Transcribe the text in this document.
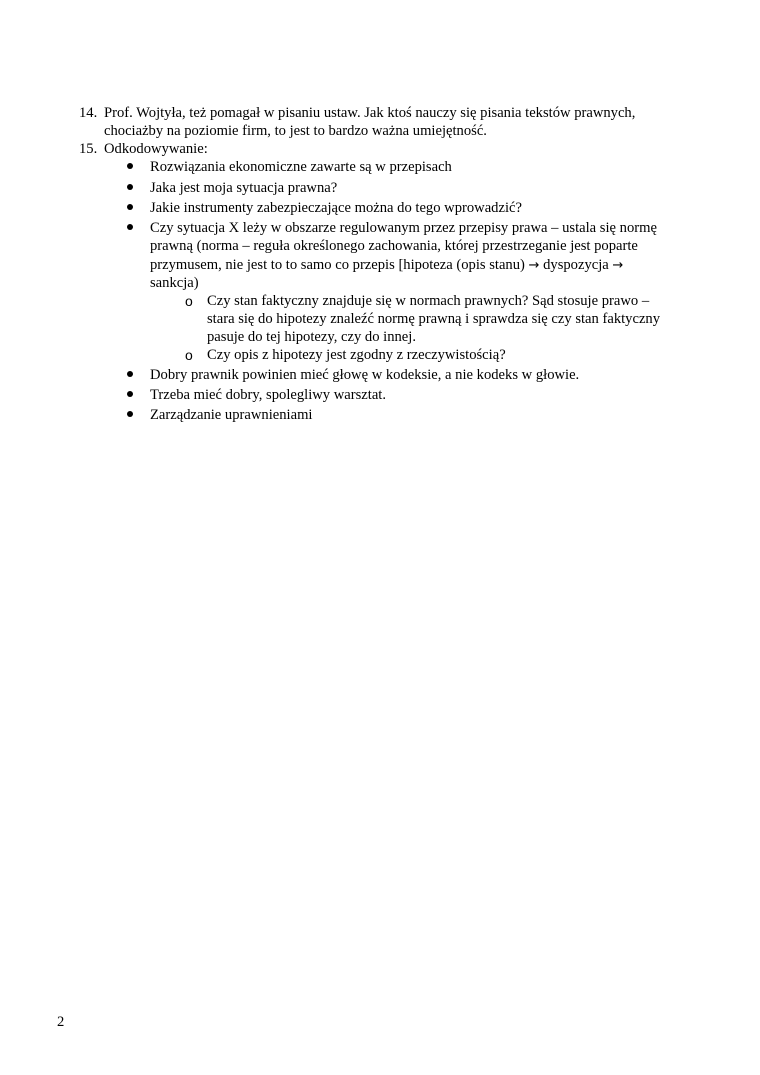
14. Prof. Wojtyła, też pomagał w pisaniu ustaw. Jak ktoś nauczy się pisania tekstów prawnych,
chociażby na poziomie firm, to jest to bardzo ważna umiejętność.
15. Odkodowywanie:
Rozwiązania ekonomiczne zawarte są w przepisach
Jaka jest moja sytuacja prawna?
Jakie instrumenty zabezpieczające można do tego wprowadzić?
Czy sytuacja X leży w obszarze regulowanym przez przepisy prawa – ustala się normę
prawną (norma – reguła określonego zachowania, której przestrzeganie jest poparte
przymusem, nie jest to to samo co przepis [hipoteza (opis stanu) → dyspozycja →
sankcja)
o Czy stan faktyczny znajduje się w normach prawnych? Sąd stosuje prawo –
stara się do hipotezy znaleźć normę prawną i sprawdza się czy stan faktyczny
pasuje do tej hipotezy, czy do innej.
o Czy opis z hipotezy jest zgodny z rzeczywistością?
Dobry prawnik powinien mieć głowę w kodeksie, a nie kodeks w głowie.
Trzeba mieć dobry, spolegliwy warsztat.
Zarządzanie uprawnieniami
2
